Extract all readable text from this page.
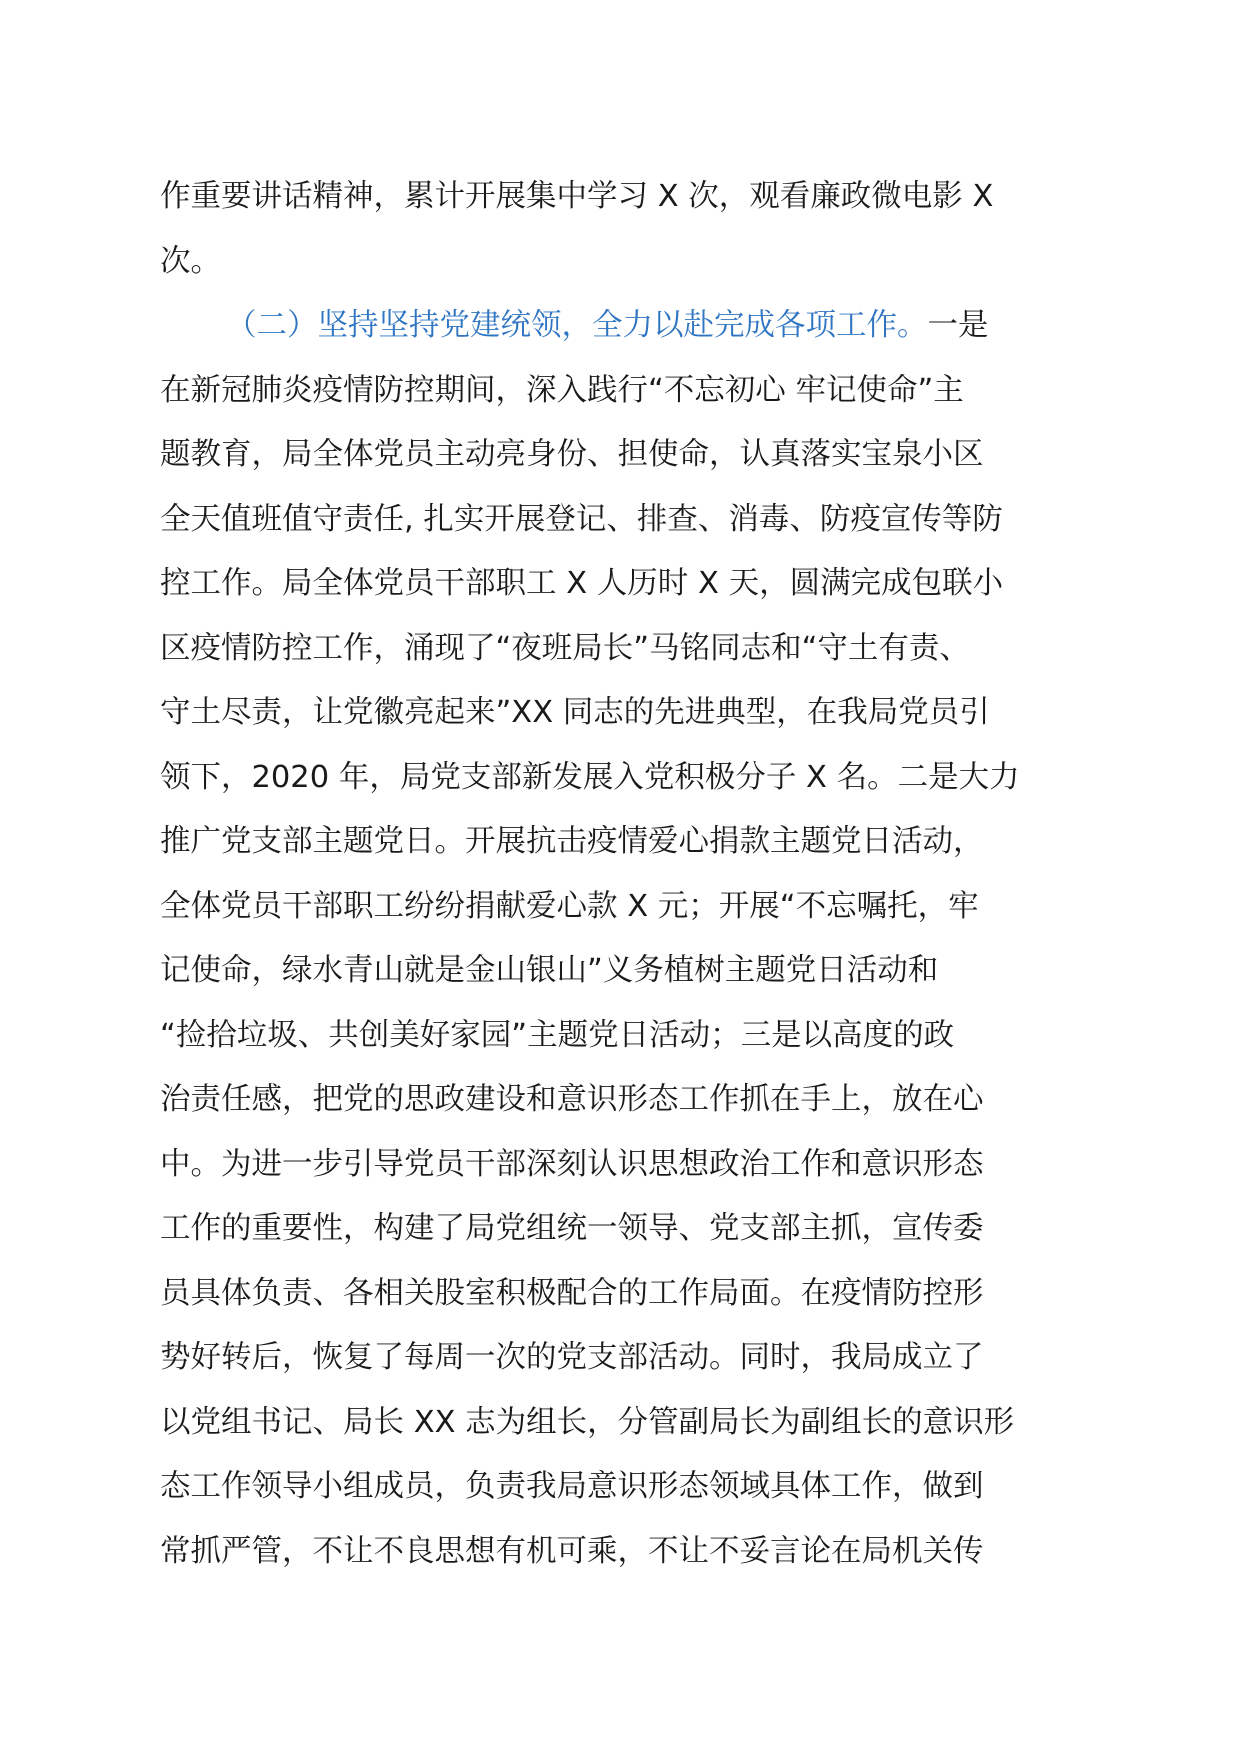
作重要讲话精神，累计开展集中学习 X 次，观看廉政微电影 X
次。
（二）坚持坚持党建统领，全力以赴完成各项工作。一是
在新冠肺炎疫情防控期间，深入践行“不忘初心 牢记使命”主
题教育，局全体党员主动亮身份、担使命，认真落实宝泉小区
全天值班值守责任, 扎实开展登记、排查、消毒、防疫宣传等防
控工作。局全体党员干部职工 X 人历时 X 天，圆满完成包联小
区疫情防控工作，涌现了“夜班局长”马铭同志和“守土有责、
守土尽责，让党徽亮起来”XX 同志的先进典型，在我局党员引
领下，2020 年，局党支部新发展入党积极分子 X 名。二是大力
推广党支部主题党日。开展抗击疫情爱心捐款主题党日活动，
全体党员干部职工纷纷捐献爱心款 X 元；开展“不忘嘱托，牢
记使命，绿水青山就是金山银山”义务植树主题党日活动和
“捡拾垃圾、共创美好家园”主题党日活动；三是以高度的政
治责任感，把党的思政建设和意识形态工作抓在手上，放在心
中。为进一步引导党员干部深刻认识思想政治工作和意识形态
工作的重要性，构建了局党组统一领导、党支部主抓，宣传委
员具体负责、各相关股室积极配合的工作局面。在疫情防控形
势好转后，恢复了每周一次的党支部活动。同时，我局成立了
以党组书记、局长 XX 志为组长，分管副局长为副组长的意识形
态工作领导小组成员，负责我局意识形态领域具体工作，做到
常抓严管，不让不良思想有机可乘，不让不妥言论在局机关传
